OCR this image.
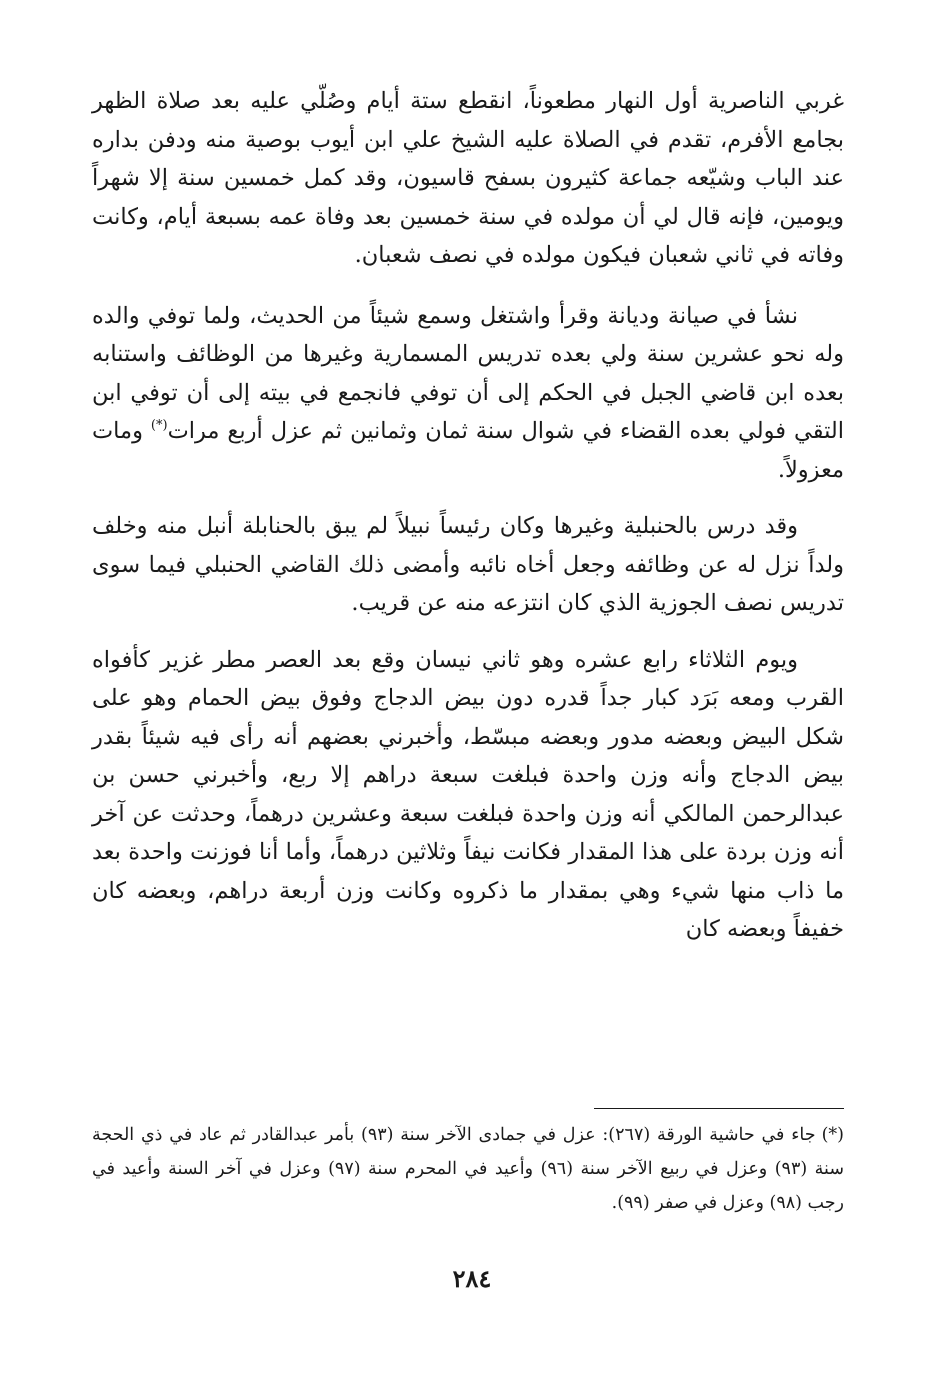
غربي الناصرية أول النهار مطعوناً، انقطع ستة أيام وصُلّي عليه بعد صلاة الظهر بجامع الأفرم، تقدم في الصلاة عليه الشيخ علي ابن أيوب بوصية منه ودفن بداره عند الباب وشيّعه جماعة كثيرون بسفح قاسيون، وقد كمل خمسين سنة إلا شهراً ويومين، فإنه قال لي أن مولده في سنة خمسين بعد وفاة عمه بسبعة أيام، وكانت وفاته في ثاني شعبان فيكون مولده في نصف شعبان.

نشأ في صيانة وديانة وقرأ واشتغل وسمع شيئاً من الحديث، ولما توفي والده وله نحو عشرين سنة ولي بعده تدريس المسمارية وغيرها من الوظائف واستنابه بعده ابن قاضي الجبل في الحكم إلى أن توفي فانجمع في بيته إلى أن توفي ابن التقي فولي بعده القضاء في شوال سنة ثمان وثمانين ثم عزل أربع مرات(*) ومات معزولاً.

وقد درس بالحنبلية وغيرها وكان رئيساً نبيلاً لم يبق بالحنابلة أنبل منه وخلف ولداً نزل له عن وظائفه وجعل أخاه نائبه وأمضى ذلك القاضي الحنبلي فيما سوى تدريس نصف الجوزية الذي كان انتزعه منه عن قريب.

ويوم الثلاثاء رابع عشره وهو ثاني نيسان وقع بعد العصر مطر غزير كأفواه القرب ومعه بَرَد كبار جداً قدره دون بيض الدجاج وفوق بيض الحمام وهو على شكل البيض وبعضه مدور وبعضه مبسّط، وأخبرني بعضهم أنه رأى فيه شيئاً بقدر بيض الدجاج وأنه وزن واحدة فبلغت سبعة دراهم إلا ربع، وأخبرني حسن بن عبدالرحمن المالكي أنه وزن واحدة فبلغت سبعة وعشرين درهماً، وحدثت عن آخر أنه وزن بردة على هذا المقدار فكانت نيفاً وثلاثين درهماً، وأما أنا فوزنت واحدة بعد ما ذاب منها شيء وهي بمقدار ما ذكروه وكانت وزن أربعة دراهم، وبعضه كان خفيفاً وبعضه كان

(*)جاء في حاشية الورقة (٢٦٧): عزل في جمادى الآخر سنة (٩٣) بأمر عبدالقادر ثم عاد في ذي الحجة سنة (٩٣) وعزل في ربيع الآخر سنة (٩٦) وأعيد في المحرم سنة (٩٧) وعزل في آخر السنة وأعيد في رجب (٩٨) وعزل في صفر (٩٩).

٢٨٤
